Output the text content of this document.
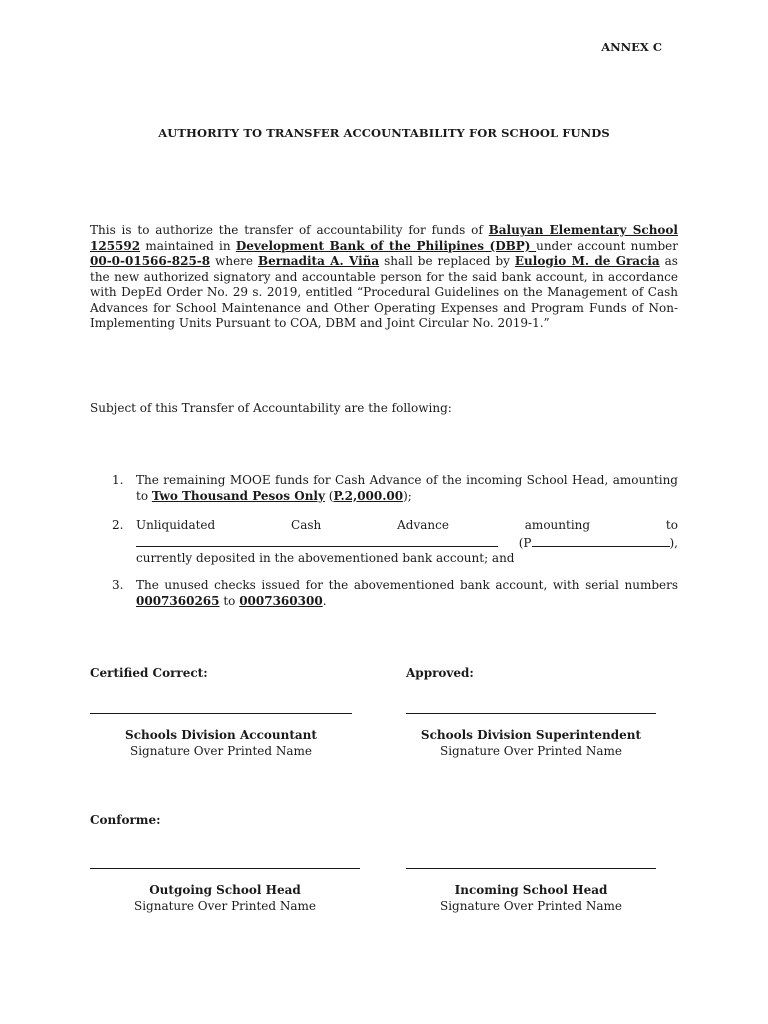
ANNEX C
AUTHORITY TO TRANSFER ACCOUNTABILITY FOR SCHOOL FUNDS
This is to authorize the transfer of accountability for funds of Baluyan Elementary School 125592 maintained in Development Bank of the Philipines (DBP) under account number 00-0-01566-825-8 where Bernadita A. Viña shall be replaced by Eulogio M. de Gracia as the new authorized signatory and accountable person for the said bank account, in accordance with DepEd Order No. 29 s. 2019, entitled “Procedural Guidelines on the Management of Cash Advances for School Maintenance and Other Operating Expenses and Program Funds of Non-Implementing Units Pursuant to COA, DBM and Joint Circular No. 2019-1.”
Subject of this Transfer of Accountability are the following:
1. The remaining MOOE funds for Cash Advance of the incoming School Head, amounting to Two Thousand Pesos Only (P.2,000.00);
2. Unliquidated	Cash	Advance	amounting	to
(P	),
currently deposited in the abovementioned bank account; and
3. The unused checks issued for the abovementioned bank account, with serial numbers 0007360265 to 0007360300.
Certified Correct:	Approved:
Schools Division Accountant
Signature Over Printed Name
Schools Division Superintendent
Signature Over Printed Name
Conforme:
Outgoing School Head
Signature Over Printed Name
Incoming School Head
Signature Over Printed Name
